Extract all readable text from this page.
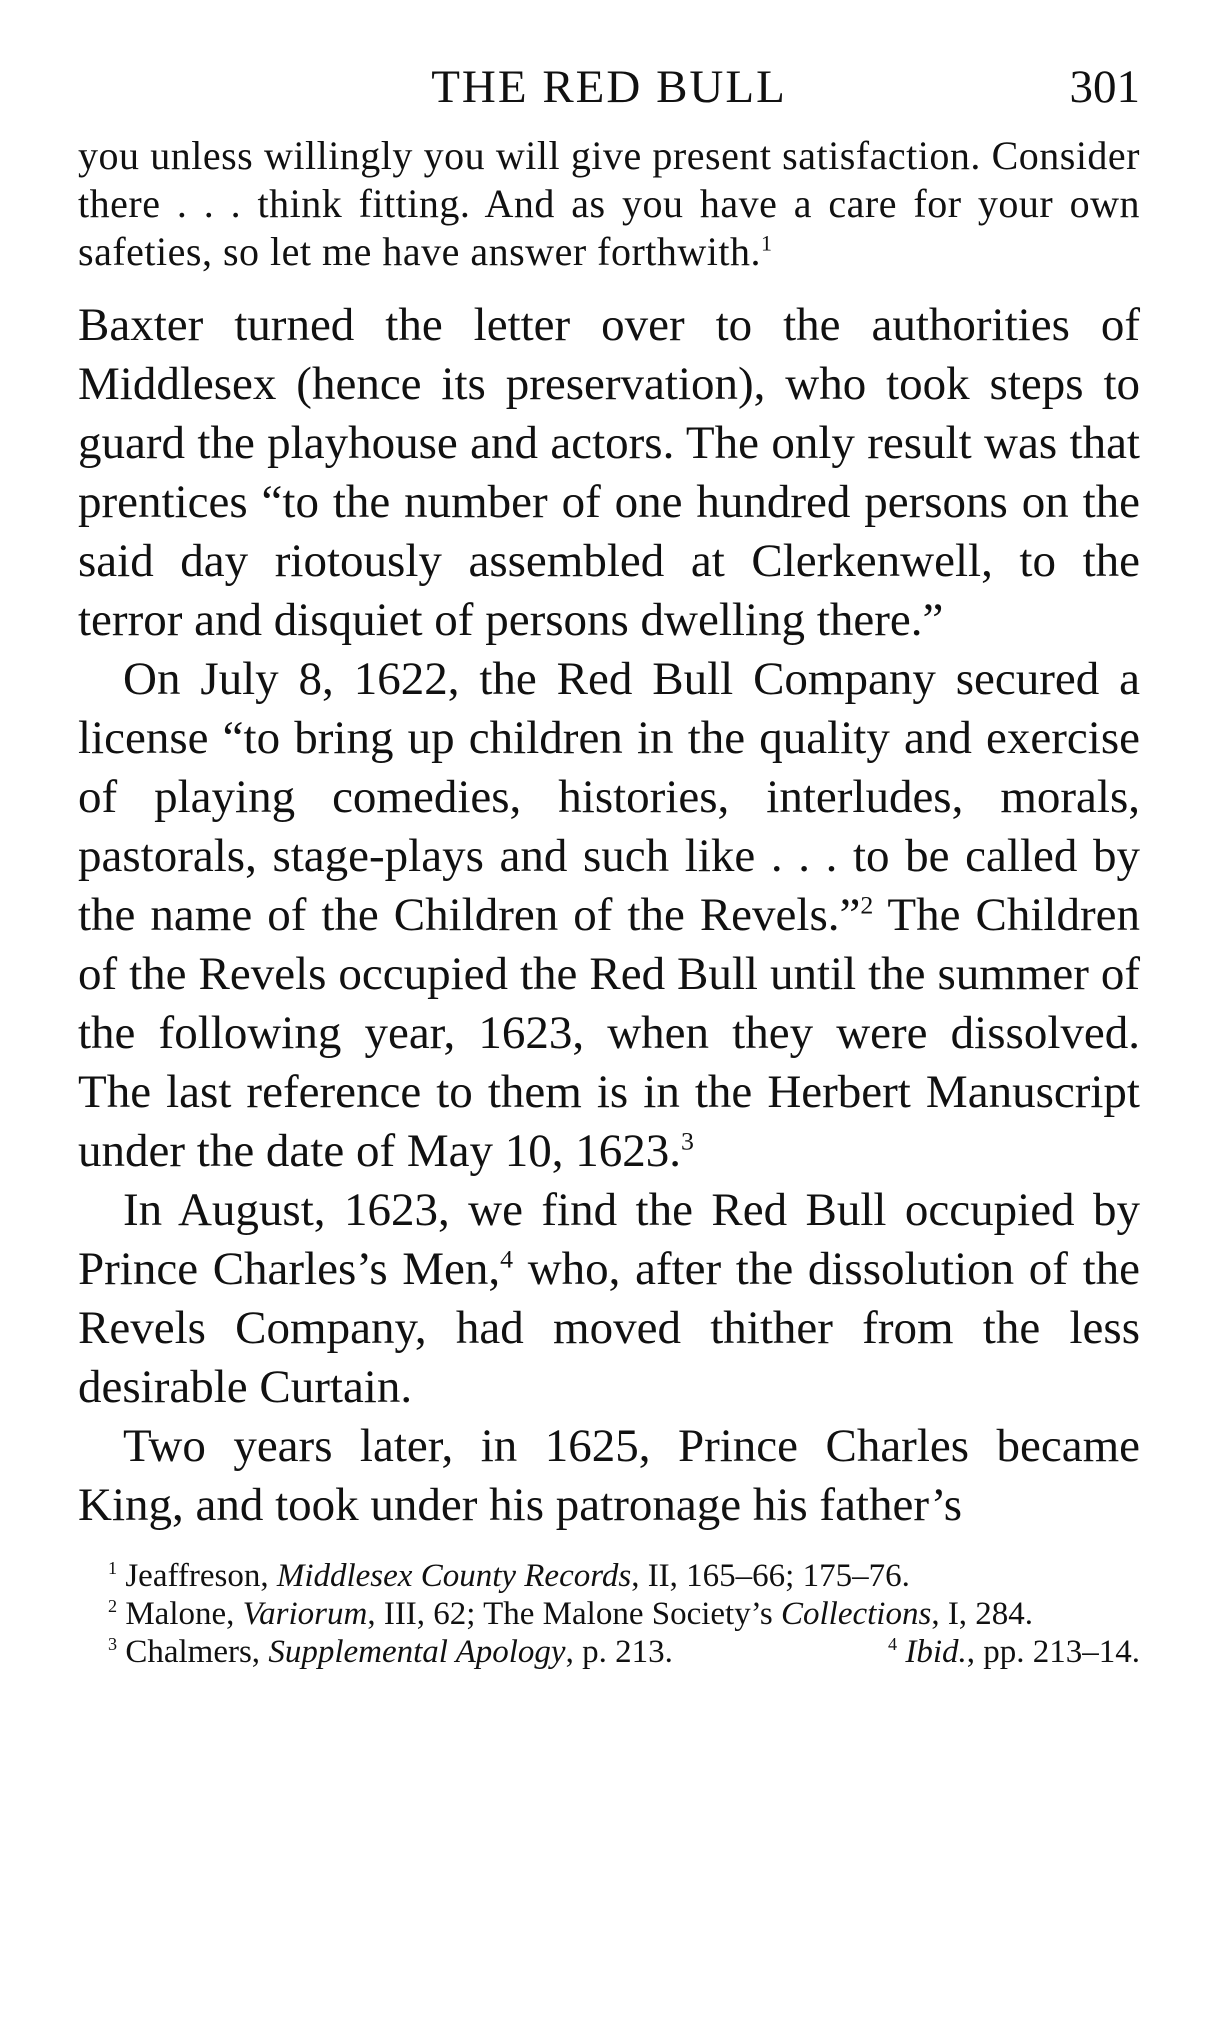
THE RED BULL	301

you unless willingly you will give present satisfaction. Consider there . . . think fitting. And as you have a care for your own safeties, so let me have answer forthwith.$^1$

Baxter turned the letter over to the authorities of Middlesex (hence its preservation), who took steps to guard the playhouse and actors. The only result was that prentices “to the number of one hundred persons on the said day riotously assembled at Clerkenwell, to the terror and disquiet of persons dwelling there.”

On July 8, 1622, the Red Bull Company secured a license “to bring up children in the quality and exercise of playing comedies, histories, interludes, morals, pastorals, stage-plays and such like . . . to be called by the name of the Children of the Revels.”$^2$ The Children of the Revels occupied the Red Bull until the summer of the following year, 1623, when they were dissolved. The last reference to them is in the Herbert Manuscript under the date of May 10, 1623.$^3$

In August, 1623, we find the Red Bull occupied by Prince Charles’s Men,$^4$ who, after the dissolution of the Revels Company, had moved thither from the less desirable Curtain.

Two years later, in 1625, Prince Charles became King, and took under his patronage his father’s

$^1$ Jeaffreson, Middlesex County Records, II, 165–66; 175–76.

$^2$ Malone, Variorum, III, 62; The Malone Society’s Collections, I, 284.

$^3$ Chalmers, Supplemental Apology, p. 213.	$^4$ Ibid., pp. 213–14.
